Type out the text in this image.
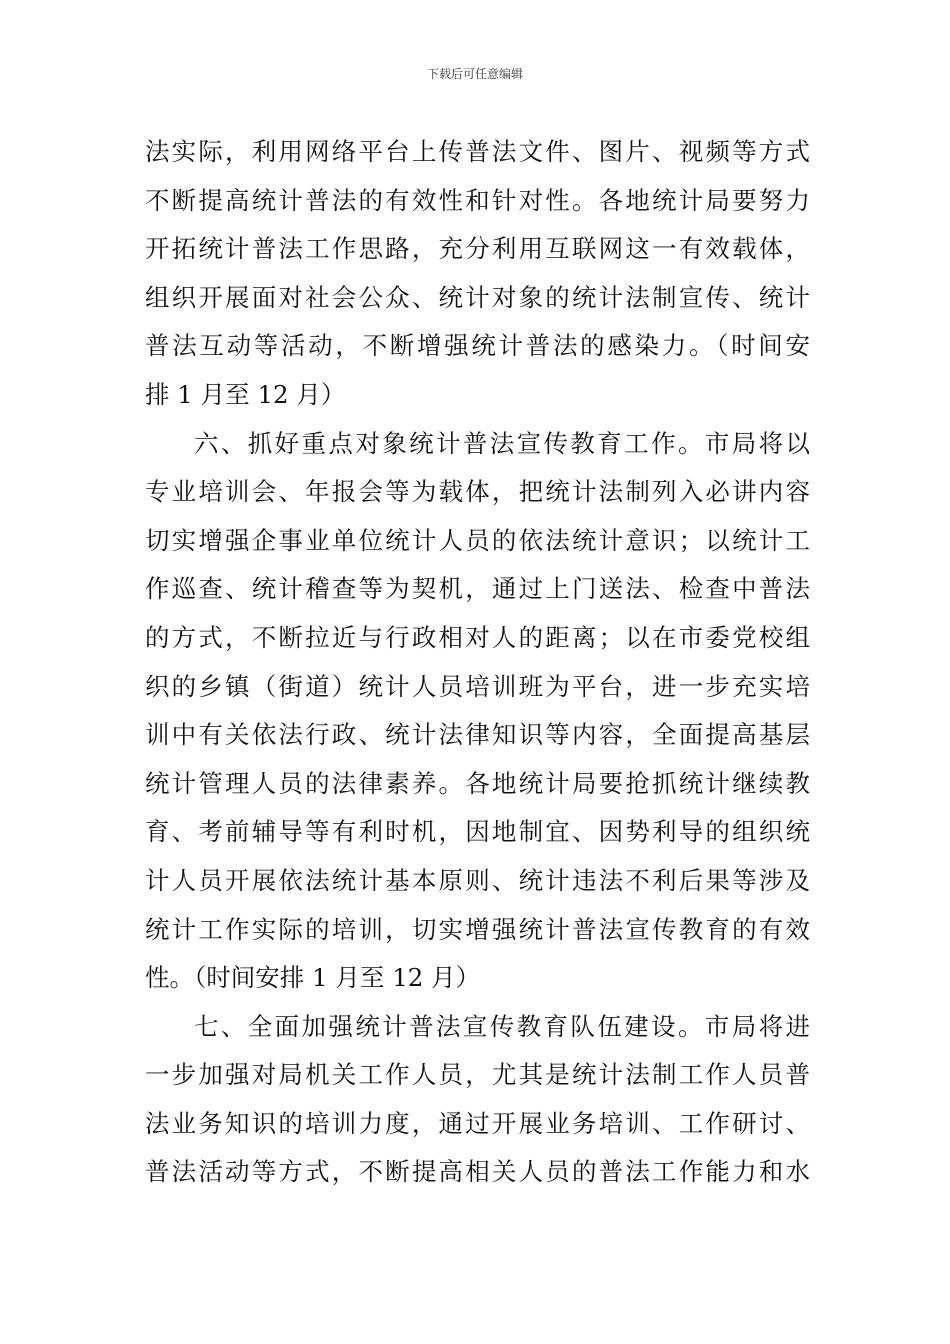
下载后可任意编辑
法实际，利用网络平台上传普法文件、图片、视频等方式
不断提高统计普法的有效性和针对性。各地统计局要努力
开拓统计普法工作思路，充分利用互联网这一有效载体，
组织开展面对社会公众、统计对象的统计法制宣传、统计
普法互动等活动，不断增强统计普法的感染力。（时间安
排 1 月至 12 月）
六、抓好重点对象统计普法宣传教育工作。市局将以
专业培训会、年报会等为载体，把统计法制列入必讲内容
切实增强企事业单位统计人员的依法统计意识；以统计工
作巡查、统计稽查等为契机，通过上门送法、检查中普法
的方式，不断拉近与行政相对人的距离；以在市委党校组
织的乡镇（街道）统计人员培训班为平台，进一步充实培
训中有关依法行政、统计法律知识等内容，全面提高基层
统计管理人员的法律素养。各地统计局要抢抓统计继续教
育、考前辅导等有利时机，因地制宜、因势利导的组织统
计人员开展依法统计基本原则、统计违法不利后果等涉及
统计工作实际的培训，切实增强统计普法宣传教育的有效
性。（时间安排 1 月至 12 月）
七、全面加强统计普法宣传教育队伍建设。市局将进
一步加强对局机关工作人员，尤其是统计法制工作人员普
法业务知识的培训力度，通过开展业务培训、工作研讨、
普法活动等方式，不断提高相关人员的普法工作能力和水
